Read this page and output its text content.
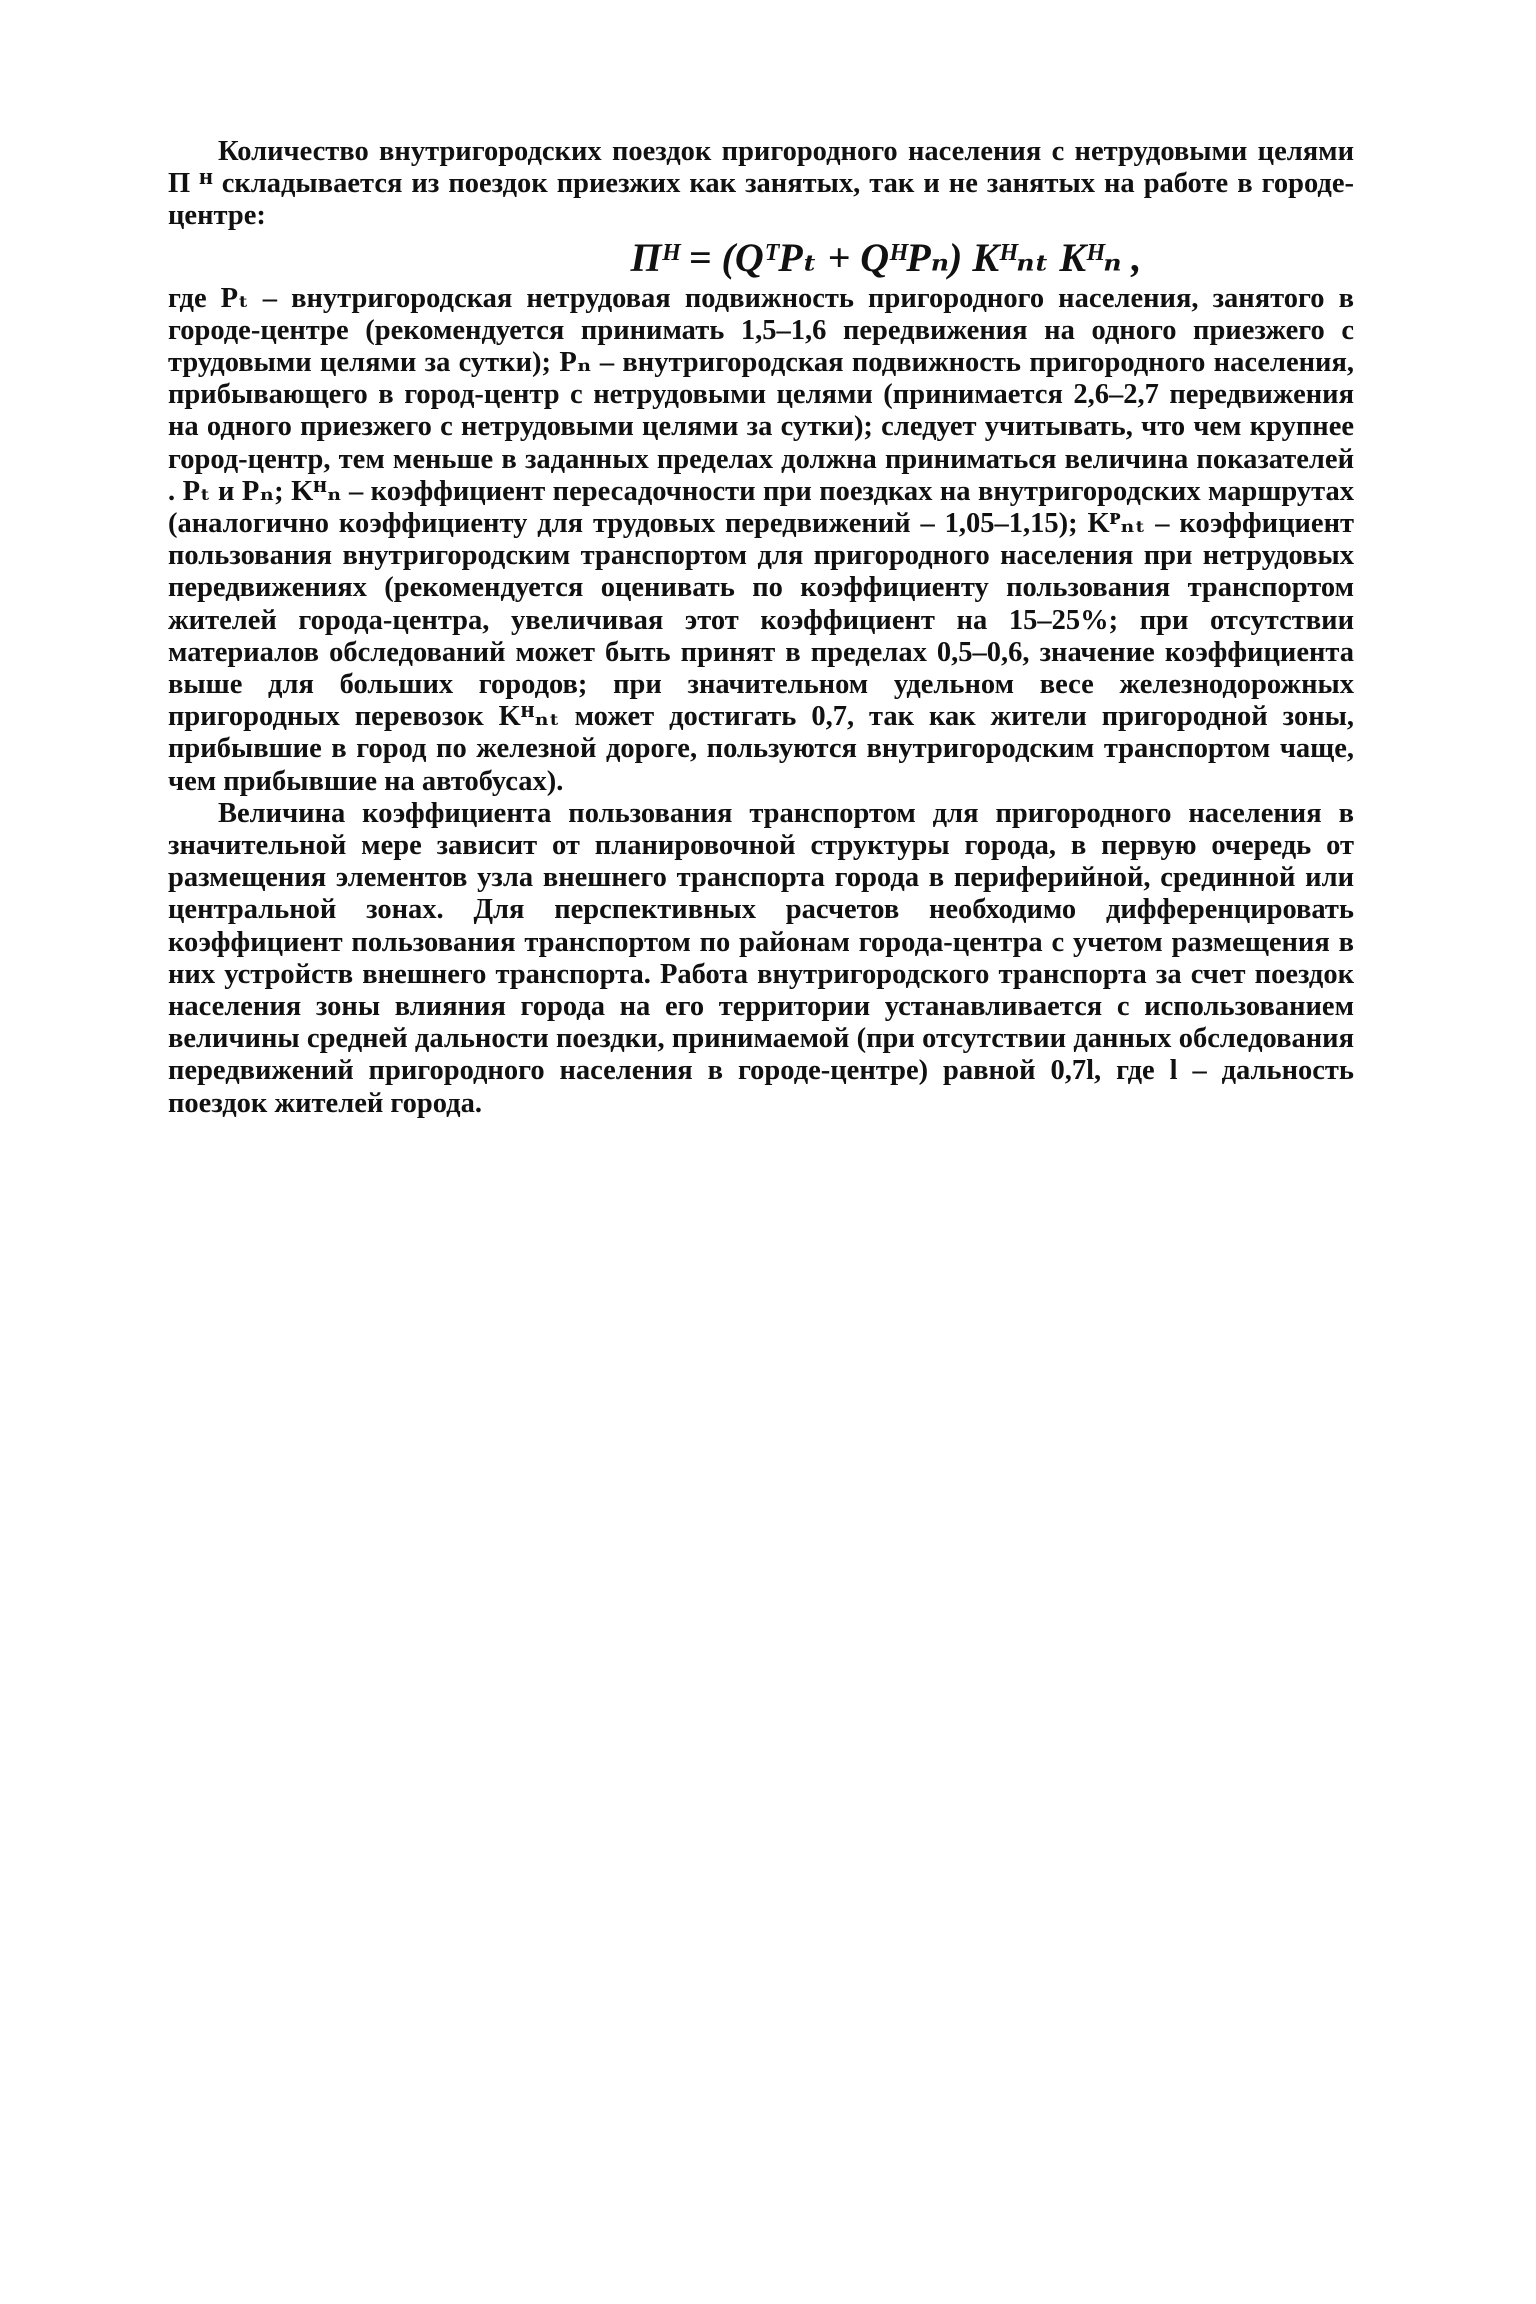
Количество внутригородских поездок пригородного населения с нетрудовыми целями П ᴴ складывается из поездок приезжих как занятых, так и не занятых на работе в городе-центре:

Пᴴ = (QᵀPₜ + QᴴPₙ) Kᴴₙₜ Kᴴₙ ,

где Pₜ – внутригородская нетрудовая подвижность пригородного населения, занятого в городе-центре (рекомендуется принимать 1,5–1,6 передвижения на одного приезжего с трудовыми целями за сутки); Pₙ – внутригородская подвижность пригородного населения, прибывающего в город-центр с нетрудовыми целями (принимается 2,6–2,7 передвижения на одного приезжего с нетрудовыми целями за сутки); следует учитывать, что чем крупнее город-центр, тем меньше в заданных пределах должна приниматься величина показателей . Pₜ и Pₙ; Kᴴₙ – коэффициент пересадочности при поездках на внутригородских маршрутах (аналогично коэффициенту для трудовых передвижений – 1,05–1,15); Kᴾₙₜ – коэффициент пользования внутригородским транспортом для пригородного населения при нетрудовых передвижениях (рекомендуется оценивать по коэффициенту пользования транспортом жителей города-центра, увеличивая этот коэффициент на 15–25%; при отсутствии материалов обследований может быть принят в пределах 0,5–0,6, значение коэффициента выше для больших городов; при значительном удельном весе железнодорожных пригородных перевозок Kᴴₙₜ может достигать 0,7, так как жители пригородной зоны, прибывшие в город по железной дороге, пользуются внутригородским транспортом чаще, чем прибывшие на автобусах).

Величина коэффициента пользования транспортом для пригородного населения в значительной мере зависит от планировочной структуры города, в первую очередь от размещения элементов узла внешнего транспорта города в периферийной, срединной или центральной зонах. Для перспективных расчетов необходимо дифференцировать коэффициент пользования транспортом по районам города-центра с учетом размещения в них устройств внешнего транспорта. Работа внутригородского транспорта за счет поездок населения зоны влияния города на его территории устанавливается с использованием величины средней дальности поездки, принимаемой (при отсутствии данных обследования передвижений пригородного населения в городе-центре) равной 0,7l, где l – дальность поездок жителей города.
